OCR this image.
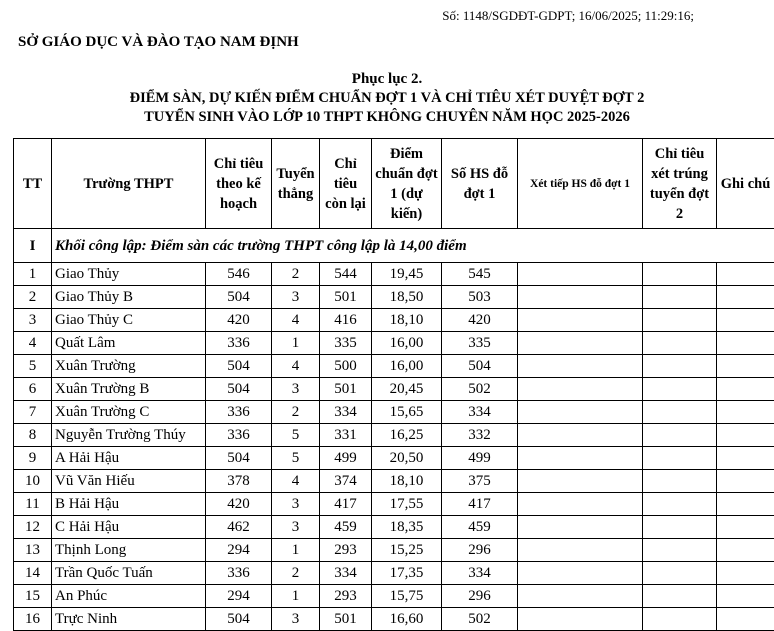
Số: 1148/SGDĐT-GDPT; 16/06/2025; 11:29:16;
SỞ GIÁO DỤC VÀ ĐÀO TẠO NAM ĐỊNH
Phục lục 2.
ĐIỂM SÀN, DỰ KIẾN ĐIỂM CHUẨN ĐỢT 1 VÀ CHỈ TIÊU XÉT DUYỆT ĐỢT 2
TUYỂN SINH VÀO LỚP 10 THPT KHÔNG CHUYÊN NĂM HỌC 2025-2026
TT	Trường THPT	Chỉ tiêu theo kế hoạch	Tuyển thẳng	Chỉ tiêu còn lại	Điểm chuẩn đợt 1 (dự kiến)	Số HS đỗ đợt 1	Xét tiếp HS đỗ đợt 1	Chỉ tiêu xét trúng tuyển đợt 2	Ghi chú
I	Khối công lập: Điểm sàn các trường THPT công lập là 14,00 điểm								
1	Giao Thủy	546	2	544	19,45	545			
2	Giao Thủy B	504	3	501	18,50	503			
3	Giao Thủy C	420	4	416	18,10	420			
4	Quất Lâm	336	1	335	16,00	335			
5	Xuân Trường	504	4	500	16,00	504			
6	Xuân Trường B	504	3	501	20,45	502			
7	Xuân Trường C	336	2	334	15,65	334			
8	Nguyễn Trường Thúy	336	5	331	16,25	332			
9	A Hải Hậu	504	5	499	20,50	499			
10	Vũ Văn Hiếu	378	4	374	18,10	375			
11	B Hải Hậu	420	3	417	17,55	417			
12	C Hải Hậu	462	3	459	18,35	459			
13	Thịnh Long	294	1	293	15,25	296			
14	Trần Quốc Tuấn	336	2	334	17,35	334			
15	An Phúc	294	1	293	15,75	296			
16	Trực Ninh	504	3	501	16,60	502			
